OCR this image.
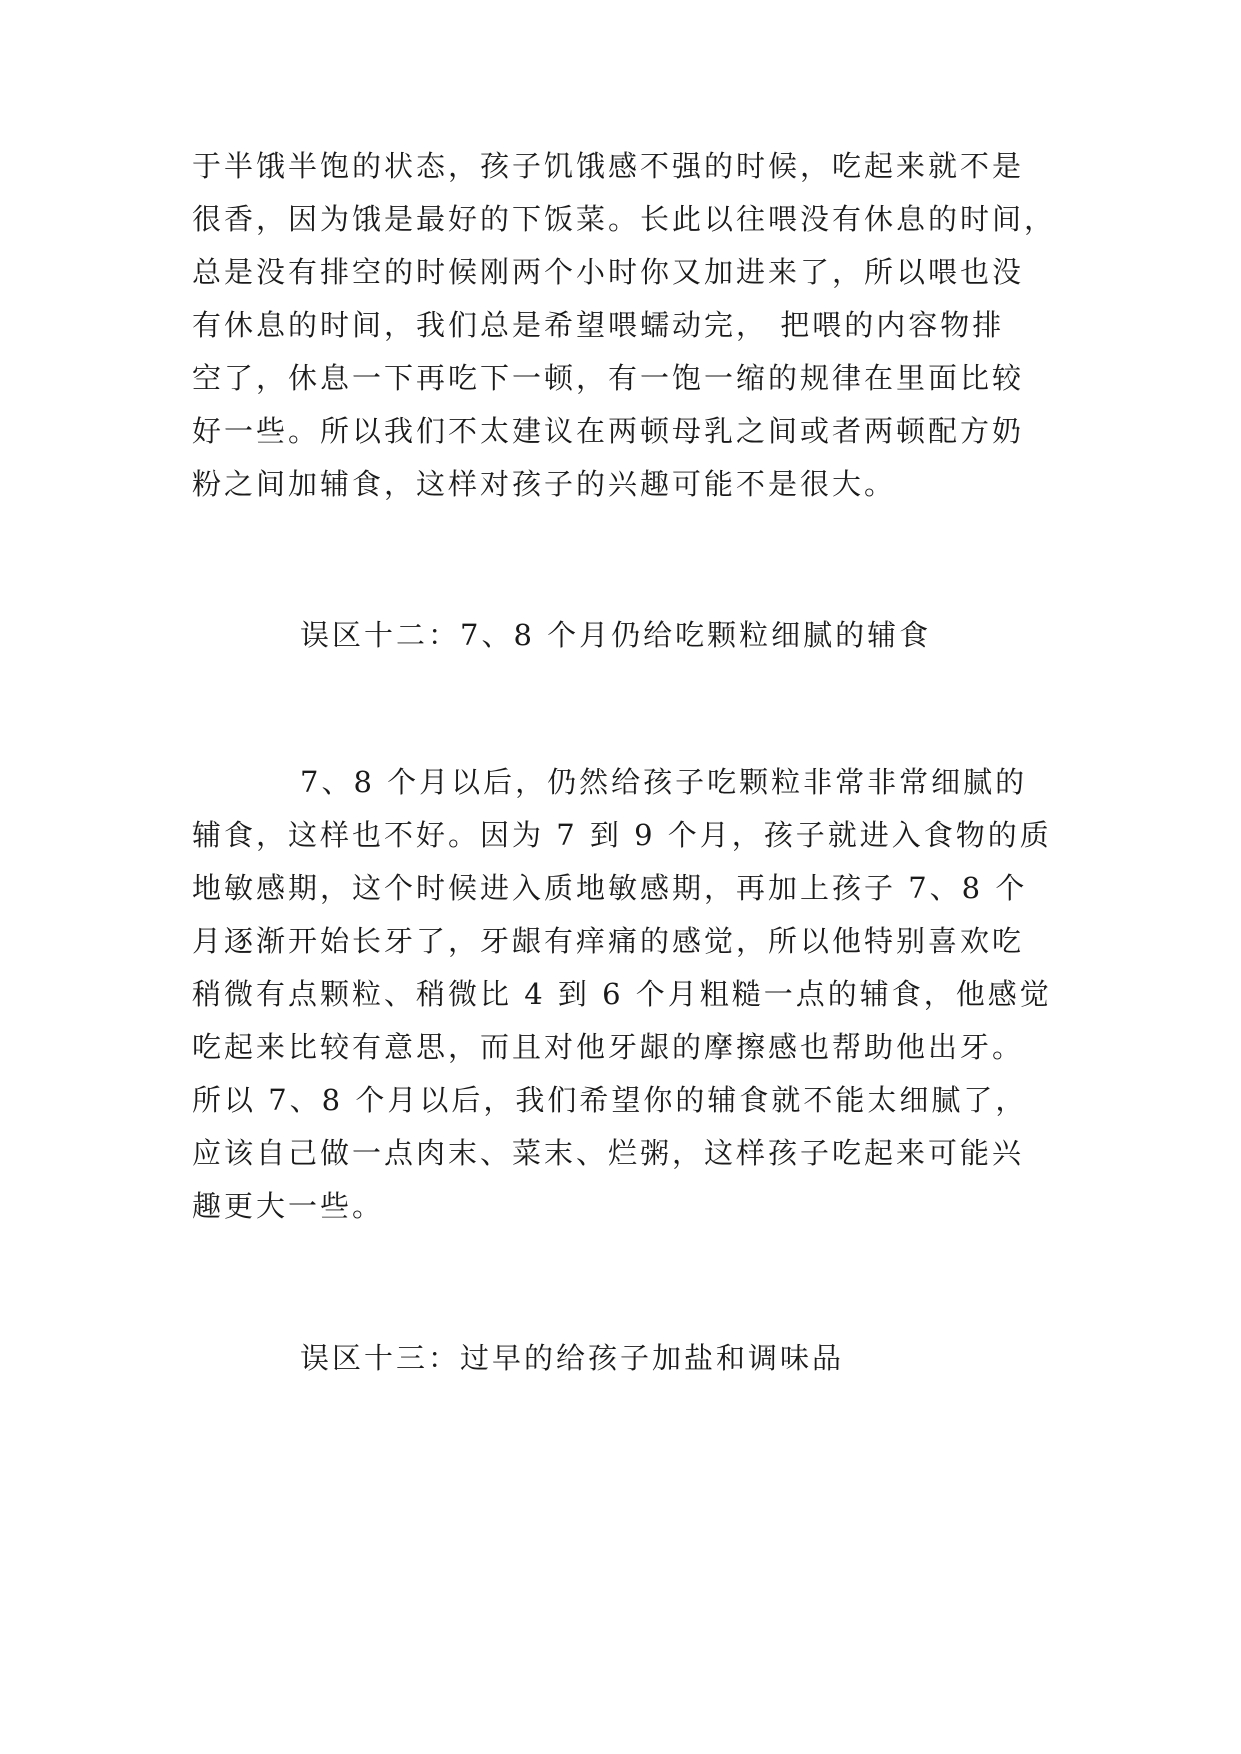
于半饿半饱的状态，孩子饥饿感不强的时候，吃起来就不是
很香，因为饿是最好的下饭菜。长此以往喂没有休息的时间，
总是没有排空的时候刚两个小时你又加进来了，所以喂也没
有休息的时间，我们总是希望喂蠕动完， 把喂的内容物排
空了，休息一下再吃下一顿，有一饱一缩的规律在里面比较
好一些。所以我们不太建议在两顿母乳之间或者两顿配方奶
粉之间加辅食，这样对孩子的兴趣可能不是很大。
误区十二：7、8 个月仍给吃颗粒细腻的辅食
7、8 个月以后，仍然给孩子吃颗粒非常非常细腻的
辅食，这样也不好。因为 7 到 9 个月，孩子就进入食物的质
地敏感期，这个时候进入质地敏感期，再加上孩子 7、8 个
月逐渐开始长牙了，牙龈有痒痛的感觉，所以他特别喜欢吃
稍微有点颗粒、稍微比 4 到 6 个月粗糙一点的辅食，他感觉
吃起来比较有意思，而且对他牙龈的摩擦感也帮助他出牙。
所以 7、8 个月以后，我们希望你的辅食就不能太细腻了，
应该自己做一点肉末、菜末、烂粥，这样孩子吃起来可能兴
趣更大一些。
误区十三：过早的给孩子加盐和调味品
